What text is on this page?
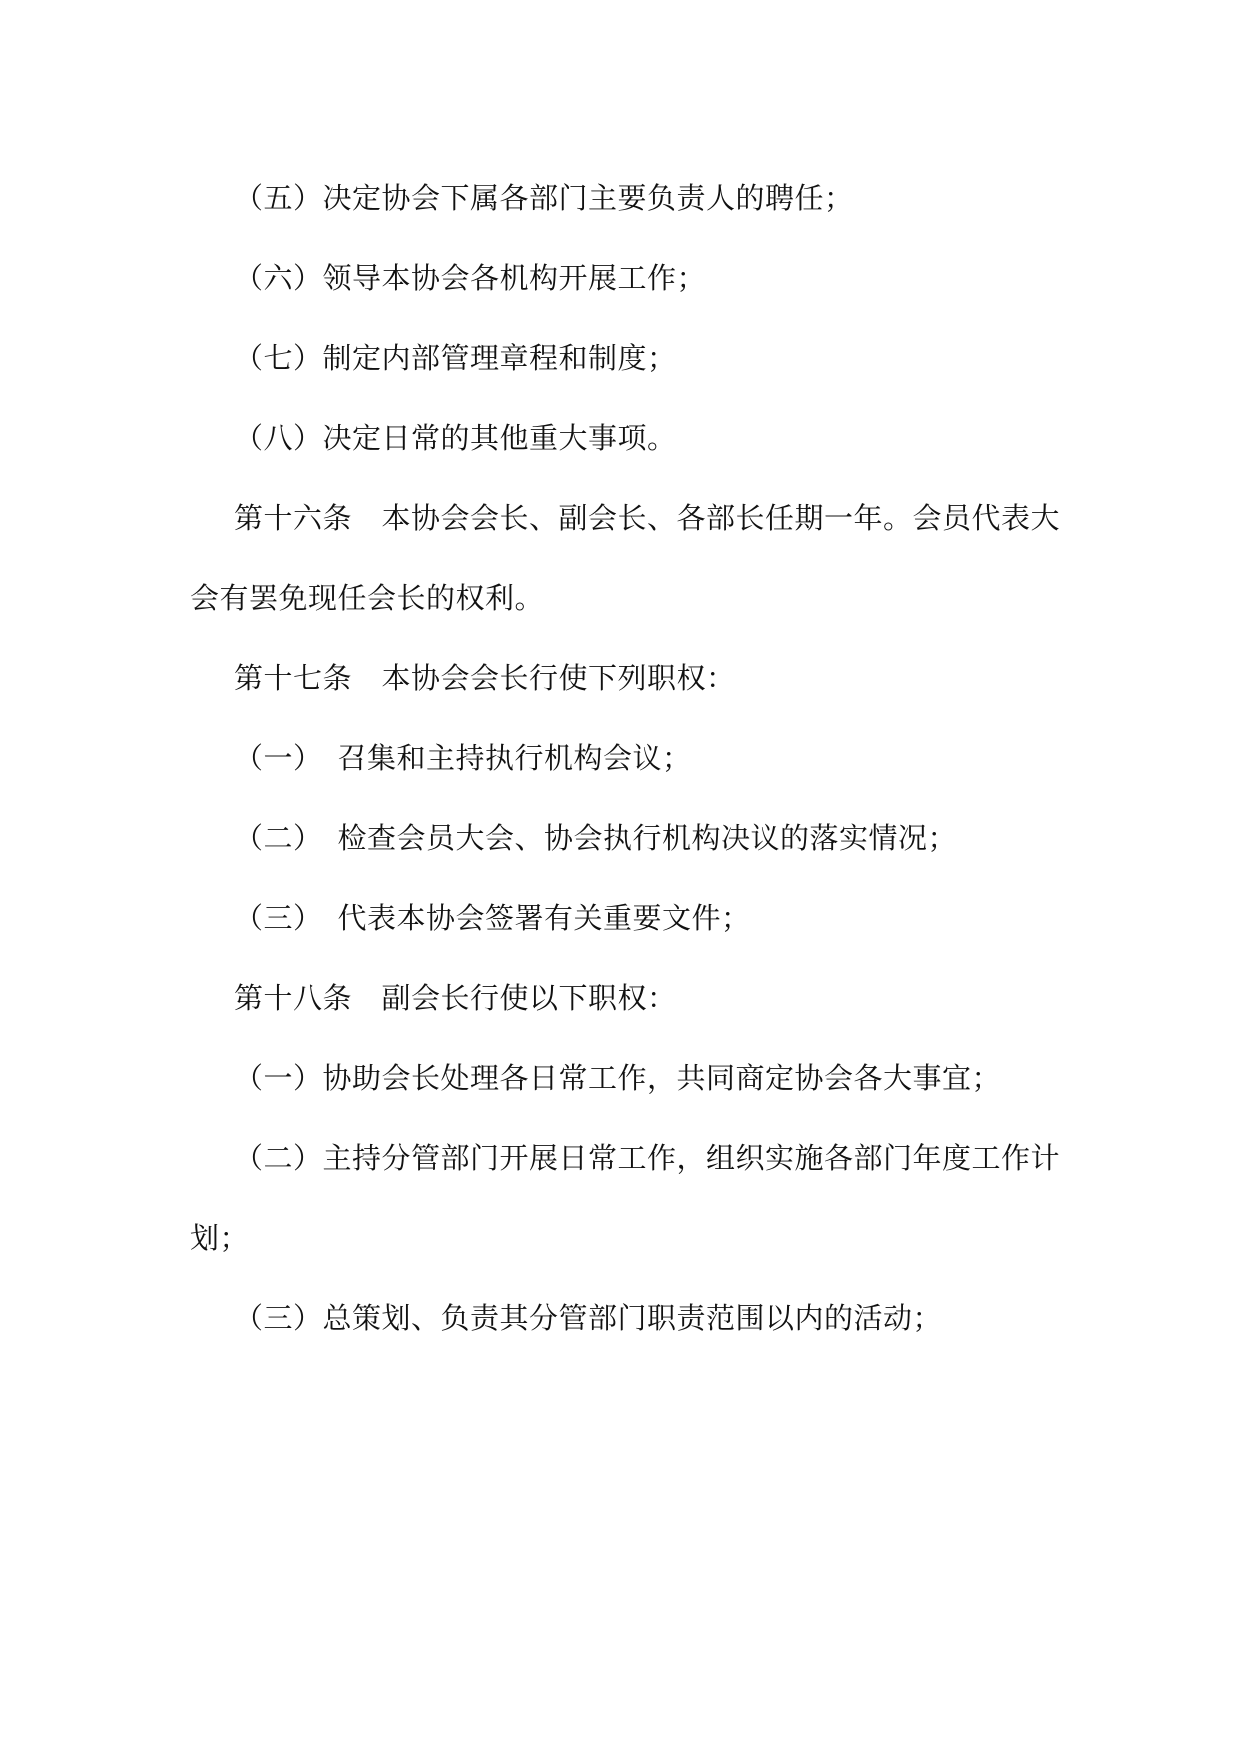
（五）决定协会下属各部门主要负责人的聘任；

（六）领导本协会各机构开展工作；

（七）制定内部管理章程和制度；

（八）决定日常的其他重大事项。

第十六条　本协会会长、副会长、各部长任期一年。会员代表大会有罢免现任会长的权利。

第十七条　本协会会长行使下列职权：

（一）　召集和主持执行机构会议；

（二）　检查会员大会、协会执行机构决议的落实情况；

（三）　代表本协会签署有关重要文件；

第十八条　副会长行使以下职权：

（一）协助会长处理各日常工作，共同商定协会各大事宜；

（二）主持分管部门开展日常工作，组织实施各部门年度工作计划；

（三）总策划、负责其分管部门职责范围以内的活动；
